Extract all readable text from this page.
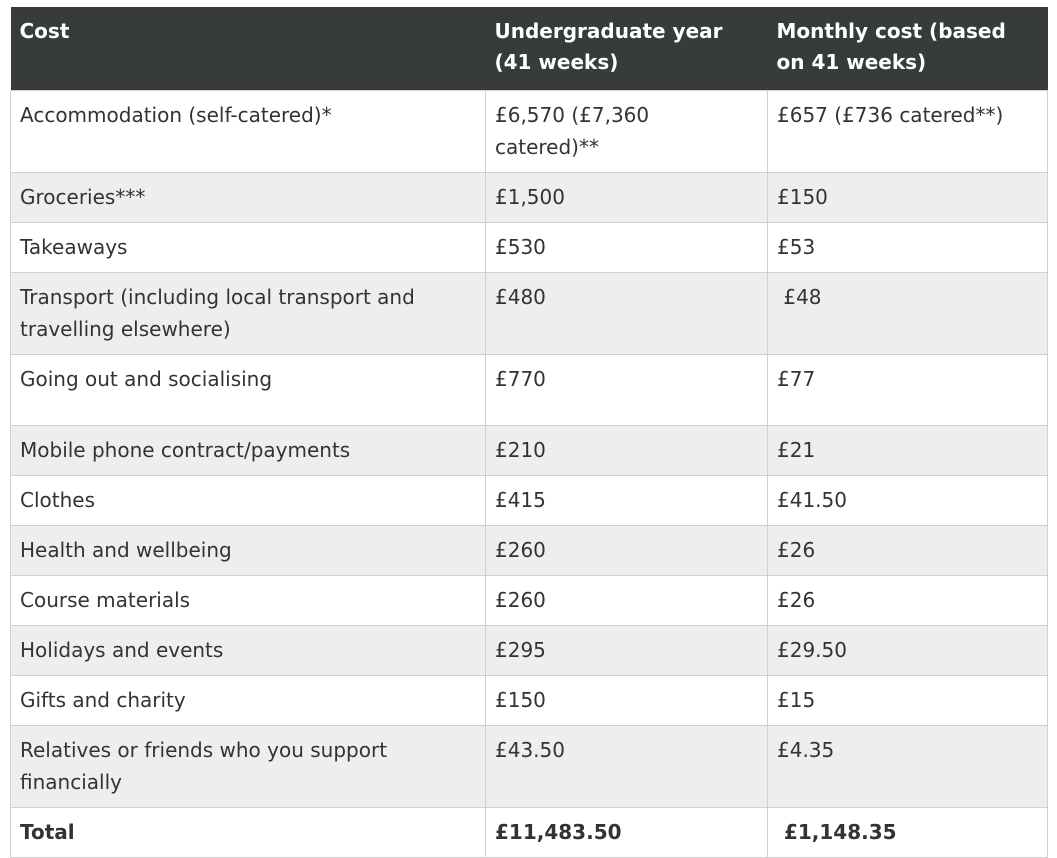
Cost	Undergraduate year (41 weeks)	Monthly cost (based on 41 weeks)
Accommodation (self-catered)*	£6,570 (£7,360 catered)**	£657 (£736 catered**)
Groceries***	£1,500	£150
Takeaways	£530	£53
Transport (including local transport and travelling elsewhere)	£480	£48
Going out and socialising	£770	£77
Mobile phone contract/payments	£210	£21
Clothes	£415	£41.50
Health and wellbeing	£260	£26
Course materials	£260	£26
Holidays and events	£295	£29.50
Gifts and charity	£150	£15
Relatives or friends who you support financially	£43.50	£4.35
Total	£11,483.50	£1,148.35
